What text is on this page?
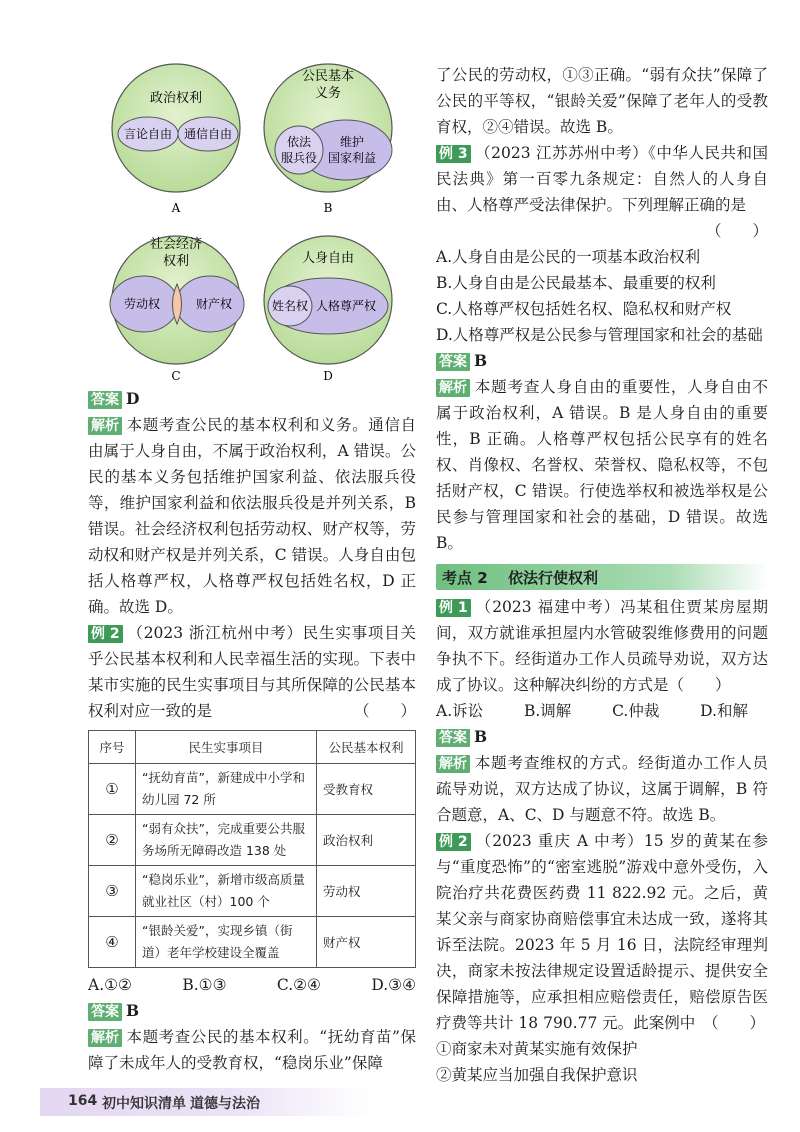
政治权利
言论自由 通信自由
A
公民基本
义务
依法
服兵役
维护
国家利益
B
社会经济
权利
劳动权	财产权
C
人身自由
姓名权 人格尊严权
D

答案 D

解析 本题考查公民的基本权利和义务。通信自由属于人身自由，不属于政治权利，A 错误。公民的基本义务包括维护国家利益、依法服兵役等，维护国家利益和依法服兵役是并列关系，B 错误。社会经济权利包括劳动权、财产权等，劳动权和财产权是并列关系，C 错误。人身自由包括人格尊严权，人格尊严权包括姓名权，D 正确。故选 D。

例 2 （2023 浙江杭州中考）民生实事项目关乎公民基本权利和人民幸福生活的实现。下表中某市实施的民生实事项目与其所保障的公民基本权利对应一致的是	（　　）

序号	民生实事项目	公民基本权利
①	“抚幼育苗”，新建成中小学和幼儿园 72 所	受教育权
②	“弱有众扶”，完成重要公共服务场所无障碍改造 138 处	政治权利
③	“稳岗乐业”，新增市级高质量就业社区（村）100 个	劳动权
④	“银龄关爱”，实现乡镇（街道）老年学校建设全覆盖	财产权
A.①②	B.①③	C.②④	D.③④

答案 B

解析 本题考查公民的基本权利。“抚幼育苗”保障了未成年人的受教育权，“稳岗乐业”保障

了公民的劳动权，①③正确。“弱有众扶”保障了公民的平等权，“银龄关爱”保障了老年人的受教育权，②④错误。故选 B。

例 3 （2023 江苏苏州中考）《中华人民共和国民法典》第一百零九条规定：自然人的人身自由、人格尊严受法律保护。下列理解正确的是

（　　）

A.人身自由是公民的一项基本政治权利

B.人身自由是公民最基本、最重要的权利

C.人格尊严权包括姓名权、隐私权和财产权

D.人格尊严权是公民参与管理国家和社会的基础

答案 B

解析 本题考查人身自由的重要性，人身自由不属于政治权利，A 错误。B 是人身自由的重要性，B 正确。人格尊严权包括公民享有的姓名权、肖像权、名誉权、荣誉权、隐私权等，不包括财产权，C 错误。行使选举权和被选举权是公民参与管理国家和社会的基础，D 错误。故选 B。

考点 2 依法行使权利

例 1 （2023 福建中考）冯某租住贾某房屋期间，双方就谁承担屋内水管破裂维修费用的问题争执不下。经街道办工作人员疏导劝说，双方达成了协议。这种解决纠纷的方式是（　　）

A.诉讼	B.调解	C.仲裁	D.和解

答案 B

解析 本题考查维权的方式。经街道办工作人员疏导劝说，双方达成了协议，这属于调解，B 符合题意，A、C、D 与题意不符。故选 B。

例 2 （2023 重庆 A 中考）15 岁的黄某在参与“重度恐怖”的“密室逃脱”游戏中意外受伤，入院治疗共花费医药费 11 822.92 元。之后，黄某父亲与商家协商赔偿事宜未达成一致，遂将其诉至法院。2023 年 5 月 16 日，法院经审理判决，商家未按法律规定设置适龄提示、提供安全保障措施等，应承担相应赔偿责任，赔偿原告医疗费等共计 18 790.77 元。此案例中　（　　）

①商家未对黄某实施有效保护

②黄某应当加强自我保护意识

164 初中知识清单 道德与法治
